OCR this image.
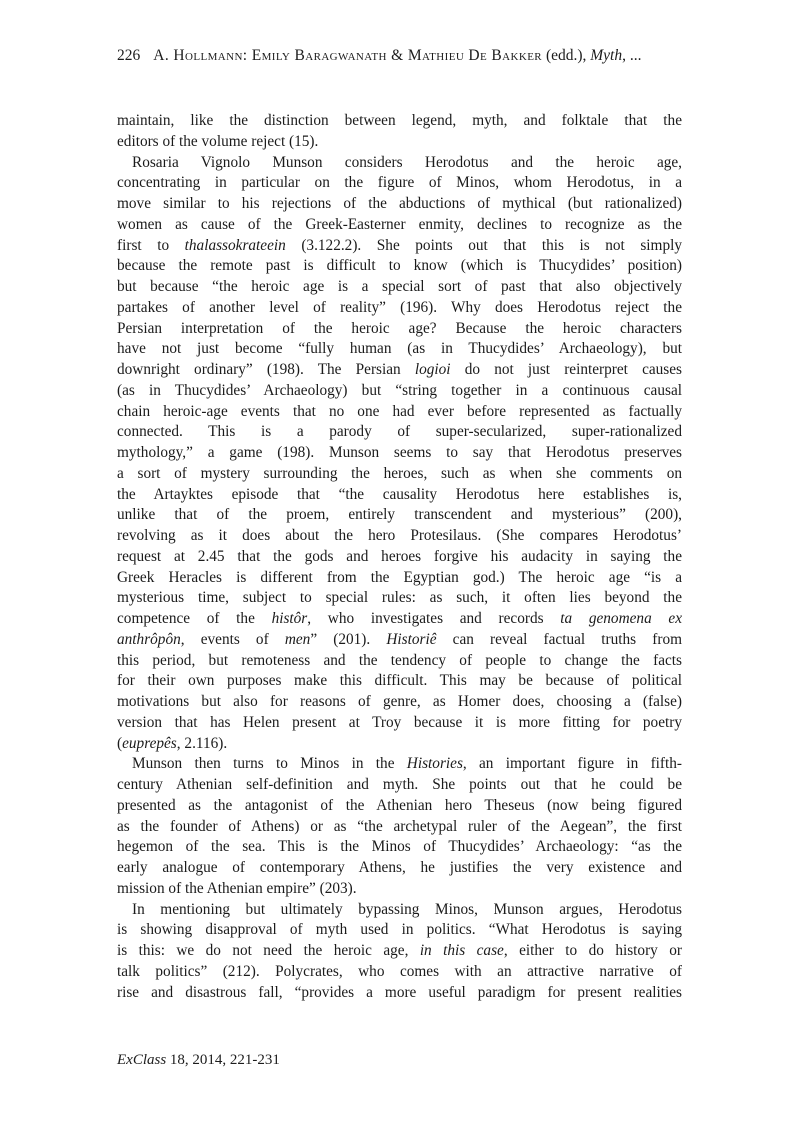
226 A. Hollmann: Emily Baragwanath & Mathieu De Bakker (edd.), Myth, ...
maintain, like the distinction between legend, myth, and folktale that the
editors of the volume reject (15).
Rosaria Vignolo Munson considers Herodotus and the heroic age,
concentrating in particular on the figure of Minos, whom Herodotus, in a
move similar to his rejections of the abductions of mythical (but rationalized)
women as cause of the Greek-Easterner enmity, declines to recognize as the
first to thalassokrateein (3.122.2). She points out that this is not simply
because the remote past is difficult to know (which is Thucydides’ position)
but because “the heroic age is a special sort of past that also objectively
partakes of another level of reality” (196). Why does Herodotus reject the
Persian interpretation of the heroic age? Because the heroic characters
have not just become “fully human (as in Thucydides’ Archaeology), but
downright ordinary” (198). The Persian logioi do not just reinterpret causes
(as in Thucydides’ Archaeology) but “string together in a continuous causal
chain heroic-age events that no one had ever before represented as factually
connected. This is a parody of super-secularized, super-rationalized
mythology,” a game (198). Munson seems to say that Herodotus preserves
a sort of mystery surrounding the heroes, such as when she comments on
the Artayktes episode that “the causality Herodotus here establishes is,
unlike that of the proem, entirely transcendent and mysterious” (200),
revolving as it does about the hero Protesilaus. (She compares Herodotus’
request at 2.45 that the gods and heroes forgive his audacity in saying the
Greek Heracles is different from the Egyptian god.) The heroic age “is a
mysterious time, subject to special rules: as such, it often lies beyond the
competence of the histôr, who investigates and records ta genomena ex
anthrôpôn, events of men” (201). Historiê can reveal factual truths from
this period, but remoteness and the tendency of people to change the facts
for their own purposes make this difficult. This may be because of political
motivations but also for reasons of genre, as Homer does, choosing a (false)
version that has Helen present at Troy because it is more fitting for poetry
(euprepês, 2.116).
Munson then turns to Minos in the Histories, an important figure in fifth-
century Athenian self-definition and myth. She points out that he could be
presented as the antagonist of the Athenian hero Theseus (now being figured
as the founder of Athens) or as “the archetypal ruler of the Aegean”, the first
hegemon of the sea. This is the Minos of Thucydides’ Archaeology: “as the
early analogue of contemporary Athens, he justifies the very existence and
mission of the Athenian empire” (203).
In mentioning but ultimately bypassing Minos, Munson argues, Herodotus
is showing disapproval of myth used in politics. “What Herodotus is saying
is this: we do not need the heroic age, in this case, either to do history or
talk politics” (212). Polycrates, who comes with an attractive narrative of
rise and disastrous fall, “provides a more useful paradigm for present realities
ExClass 18, 2014, 221-231
